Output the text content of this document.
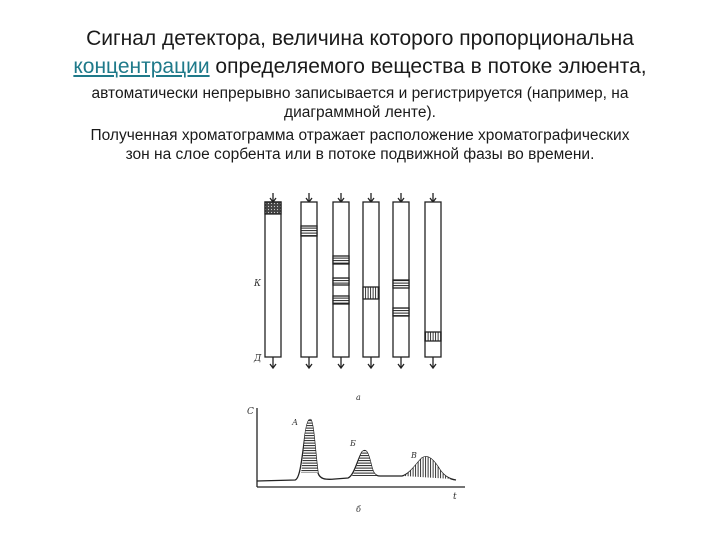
Сигнал детектора, величина которого пропорциональна
концентрации определяемого вещества в потоке элюента,
автоматически непрерывно записывается и регистрируется (например, на
диаграммной ленте).
Полученная хроматограмма отражает расположение хроматографических
зон на слое сорбента или в потоке подвижной фазы во времени.
К
Д
а
С
t
А
Б
В
б
